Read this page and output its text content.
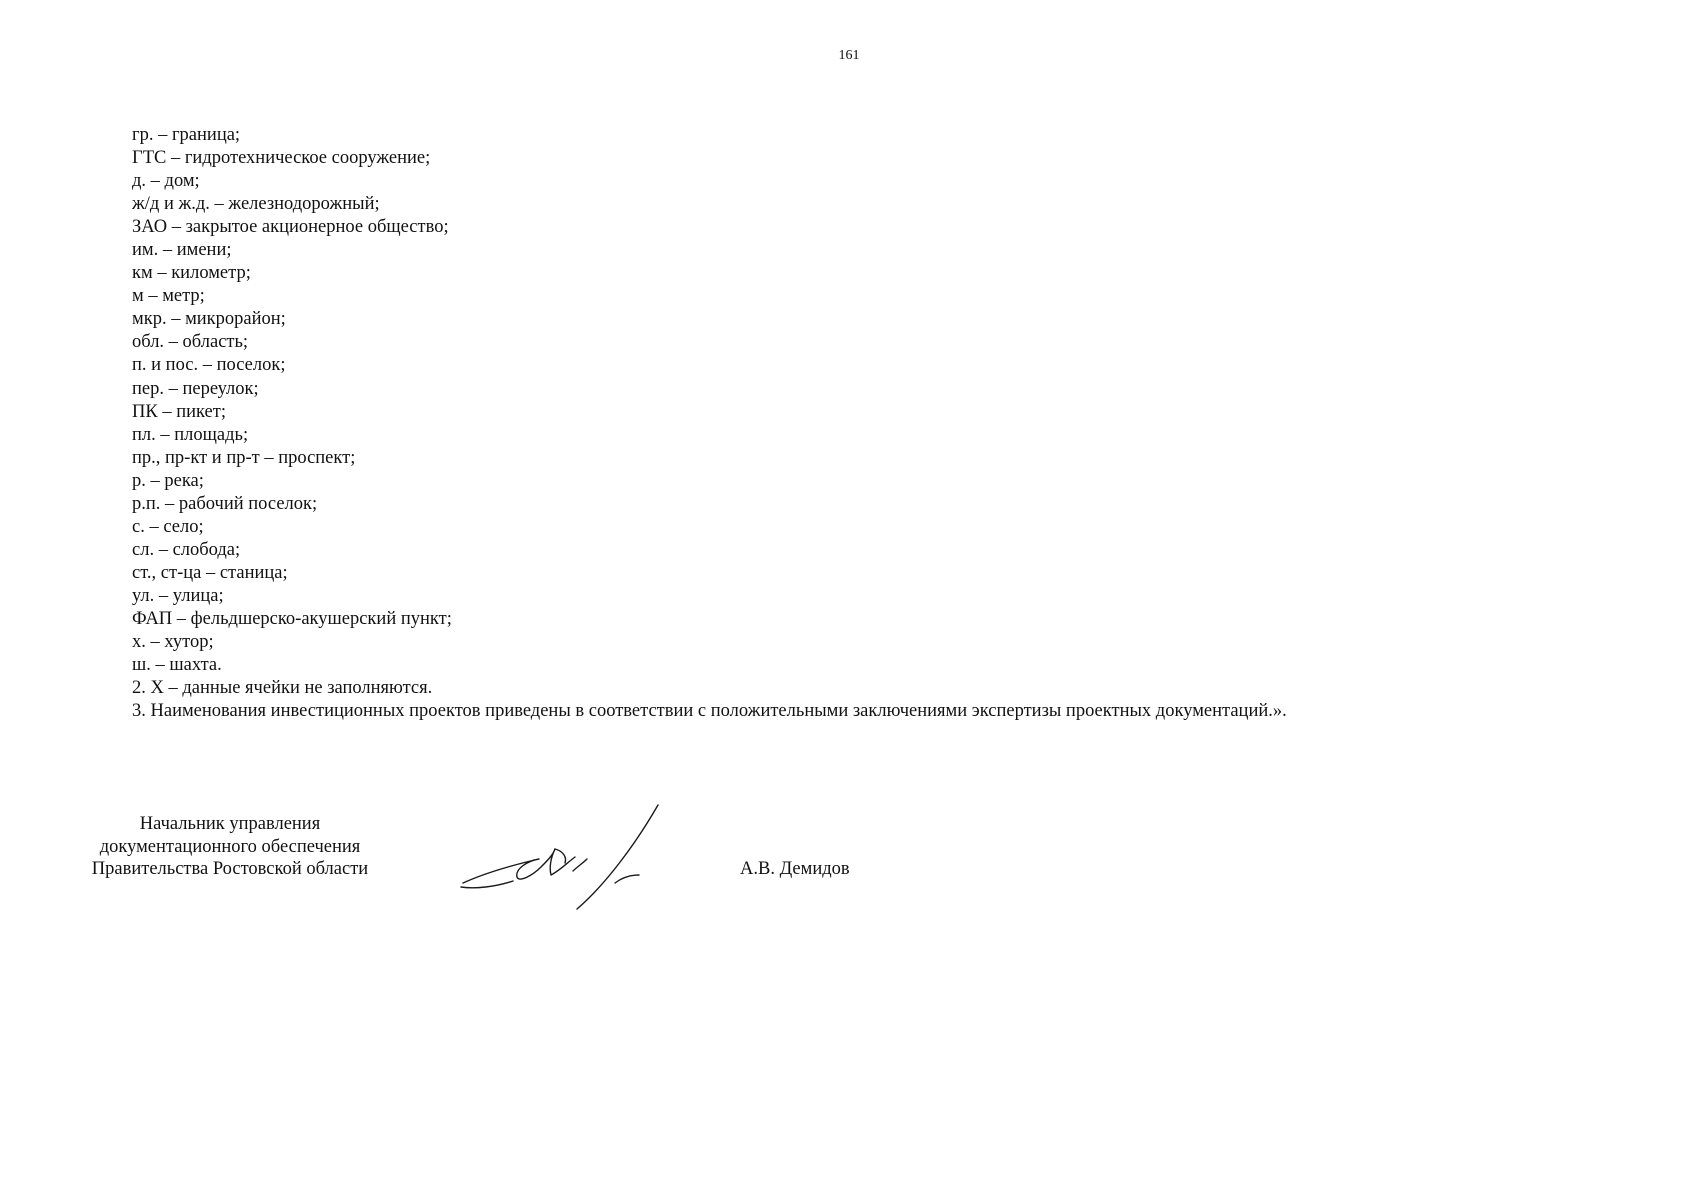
161
гр. – граница;
ГТС – гидротехническое сооружение;
д. – дом;
ж/д и ж.д. – железнодорожный;
ЗАО – закрытое акционерное общество;
им. – имени;
км – километр;
м – метр;
мкр. – микрорайон;
обл. – область;
п. и пос. – поселок;
пер. – переулок;
ПК – пикет;
пл. – площадь;
пр., пр-кт и пр-т – проспект;
р. – река;
р.п. – рабочий поселок;
с. – село;
сл. – слобода;
ст., ст-ца – станица;
ул. – улица;
ФАП – фельдшерско-акушерский пункт;
х. – хутор;
ш. – шахта.
2. Х – данные ячейки не заполняются.
3. Наименования инвестиционных проектов приведены в соответствии с положительными заключениями экспертизы проектных документаций.».
Начальник управления
документационного обеспечения
Правительства Ростовской области	А.В. Демидов
